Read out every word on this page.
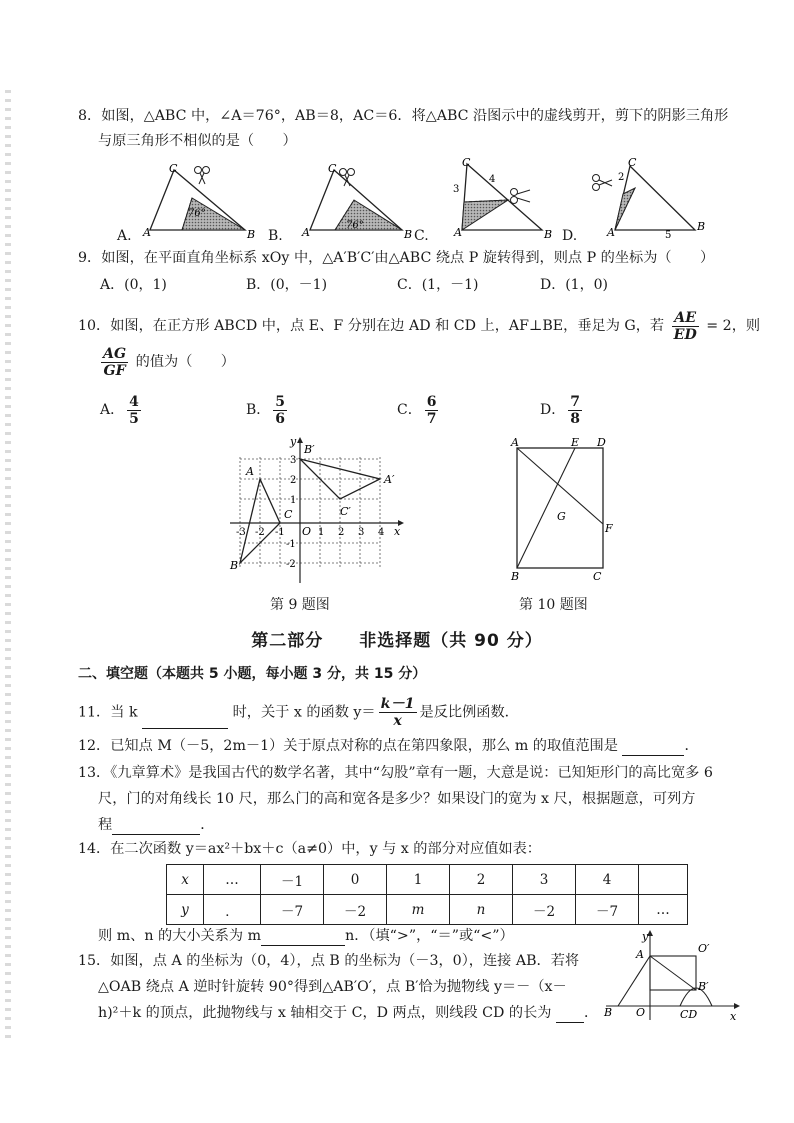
8．如图，△ABC 中，∠A＝76°，AB＝8，AC＝6．将△ABC 沿图示中的虚线剪开，剪下的阴影三角形
与原三角形不相似的是（　　）
C
A	B
76°
C
A	B
76°
C
A	B
3
4
C
A	B
2
5
A.	B.	C.	D.
9．如图，在平面直角坐标系 xOy 中，△A′B′C′由△ABC 绕点 P 旋转得到，则点 P 的坐标为（　　）
A．(0，1)	B．(0，－1)	C．(1，－1)	D．(1，0)
10．如图，在正方形 ABCD 中，点 E、F 分别在边 AD 和 CD 上，AF⊥BE，垂足为 G，若 $\frac{AE}{ED} = 2$，则
$\frac{AG}{GF}$ 的值为（　　）
A． $\frac{4}{5}$	B． $\frac{5}{6}$	C． $\frac{6}{7}$	D． $\frac{7}{8}$
y
x
O
-3 -2 -1	1 2 3 4
3
2
1
-1
-2
A
B
C
A′
B′
C′
第 9 题图
A	E D
G
F
B	C
第 10 题图
第二部分 非选择题（共 90 分）
二、填空题（本题共 5 小题，每小题 3 分，共 15 分）
11．当 k	时，关于 x 的函数 $y= \frac{k-1}{x}$ 是反比例函数．
12．已知点 M（－5，2m－1）关于原点对称的点在第四象限，那么 m 的取值范围是	．
13．《九章算术》是我国古代的数学名著，其中“勾股”章有一题，大意是说：已知矩形门的高比宽多 6
尺，门的对角线长 10 尺，那么门的高和宽各是多少？如果设门的宽为 x 尺，根据题意，可列方
程	．
14．在二次函数 y＝ax²＋bx＋c（a≠0）中，y 与 x 的部分对应值如表：
x	…	－1	0	1	2	3	4	
y	．	－7	－2	m	n	－2	－7	…
则 m、n 的大小关系为 m	n．（填“>”，“＝”或“<”）
15．如图，点 A 的坐标为（0，4），点 B 的坐标为（－3，0），连接 AB．若将
△OAB 绕点 A 逆时针旋转 90°得到△AB′O′，点 B′恰为抛物线 y＝－（x－
h)²＋k 的顶点，此抛物线与 x 轴相交于 C，D 两点，则线段 CD 的长为 ．
y
x
A
O
O′
B′
B	CD
